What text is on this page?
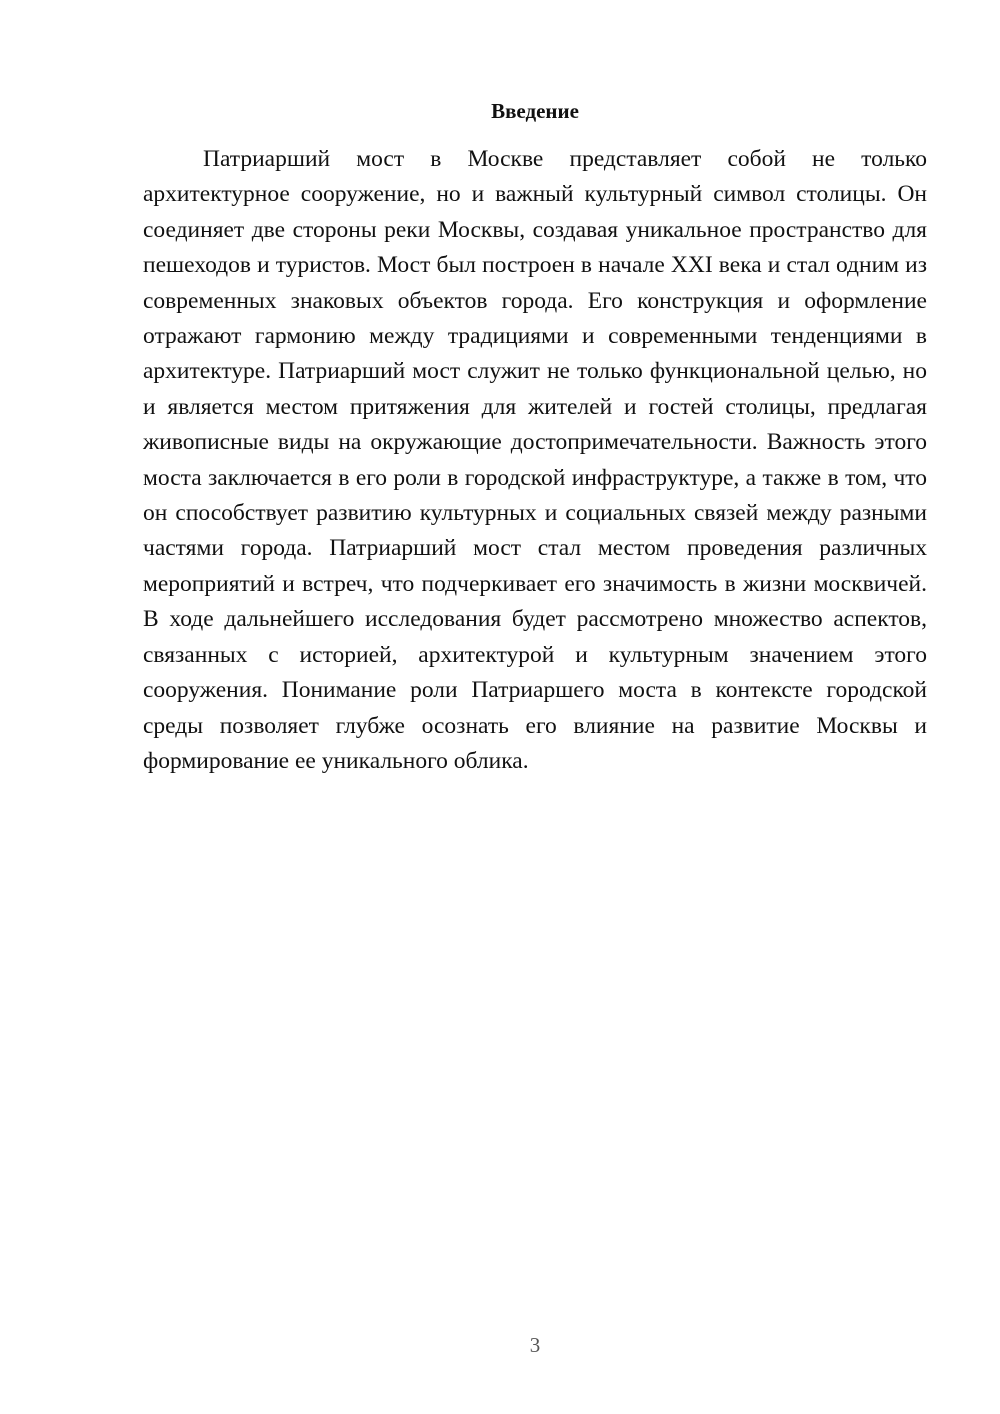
Введение

Патриарший мост в Москве представляет собой не только архитектурное сооружение, но и важный культурный символ столицы. Он соединяет две стороны реки Москвы, создавая уникальное пространство для пешеходов и туристов. Мост был построен в начале XXI века и стал одним из современных знаковых объектов города. Его конструкция и оформление отражают гармонию между традициями и современными тенденциями в архитектуре. Патриарший мост служит не только функциональной целью, но и является местом притяжения для жителей и гостей столицы, предлагая живописные виды на окружающие достопримечательности. Важность этого моста заключается в его роли в городской инфраструктуре, а также в том, что он способствует развитию культурных и социальных связей между разными частями города. Патриарший мост стал местом проведения различных мероприятий и встреч, что подчеркивает его значимость в жизни москвичей. В ходе дальнейшего исследования будет рассмотрено множество аспектов, связанных с историей, архитектурой и культурным значением этого сооружения. Понимание роли Патриаршего моста в контексте городской среды позволяет глубже осознать его влияние на развитие Москвы и формирование ее уникального облика.

3
